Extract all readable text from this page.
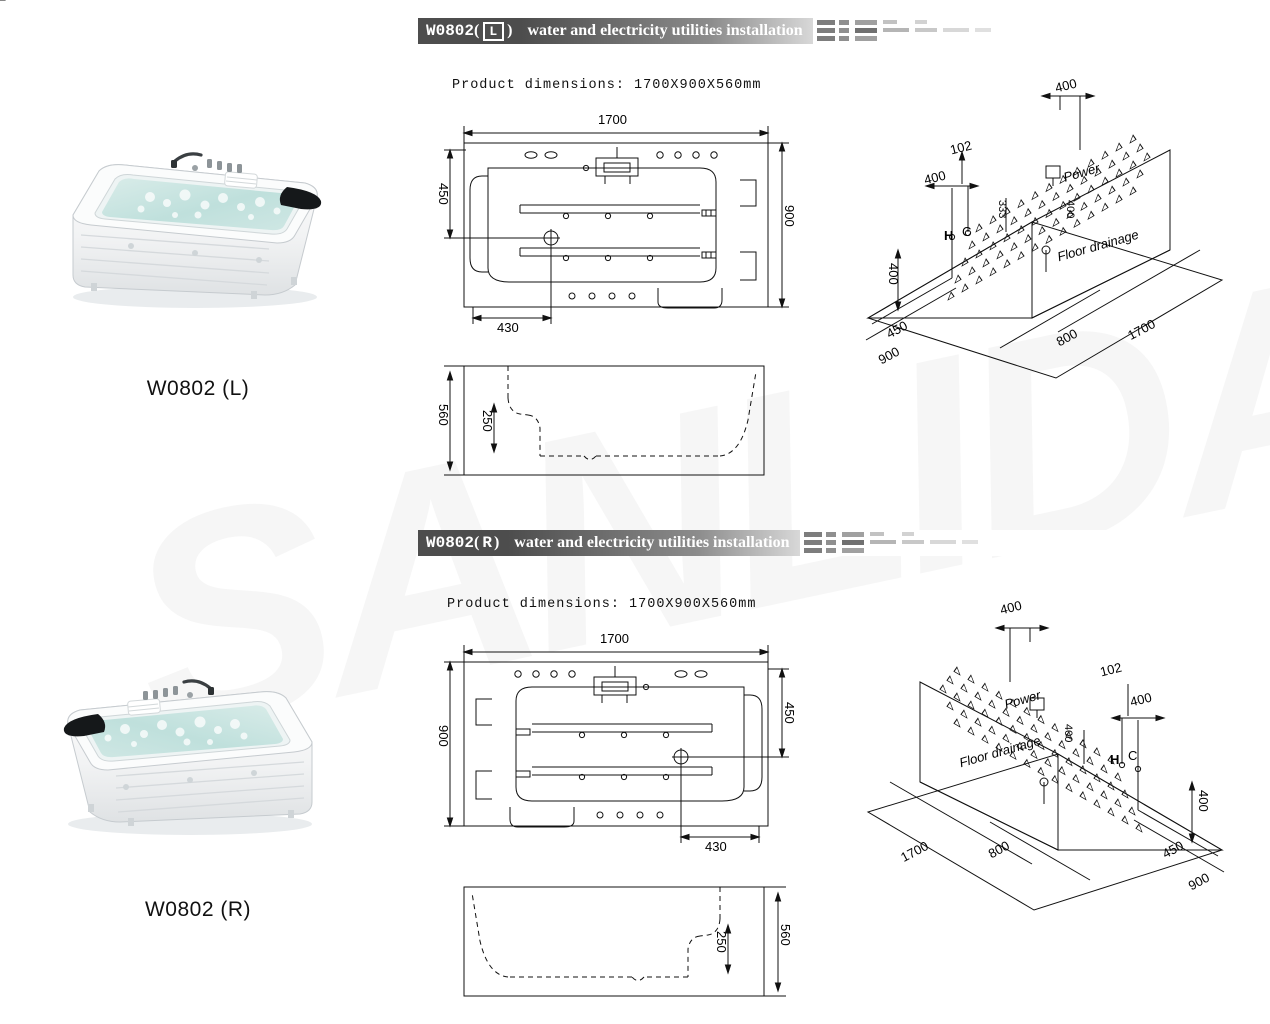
W0802 ( L ) water and electricity utilities installation
W0802 (L)
Product dimensions: 1700X900X560mm
1700
900
450
430
560 250
400
400
102
Power
Floor drainage
H C
400
400
333
450
900
800	1700
W0802 ( R ) water and electricity utilities installation
W0802 (R)
Product dimensions: 1700X900X560mm
1700
900
450
430
560
250
400
400
102
Power
Floor drainage	H C
400
400
450
900
800
1700
